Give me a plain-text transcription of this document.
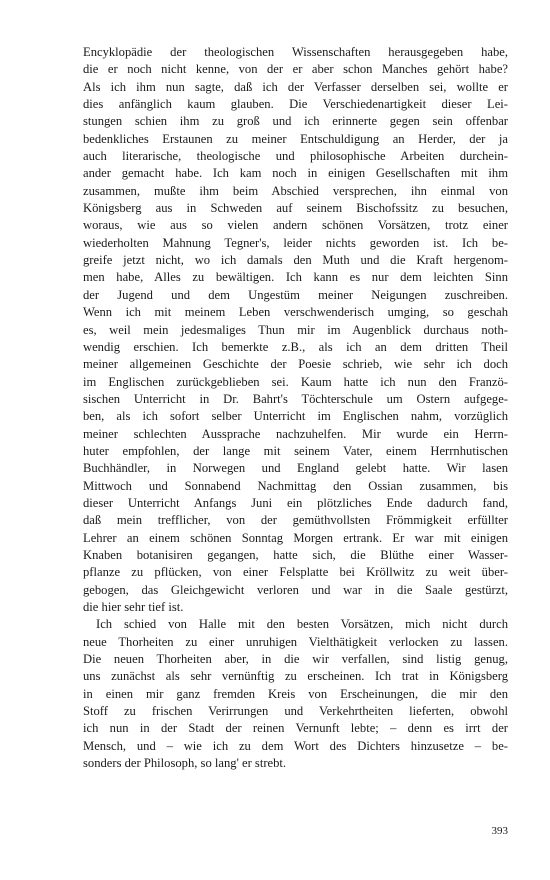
Encyklopädie der theologischen Wissenschaften herausgegeben habe,
die er noch nicht kenne, von der er aber schon Manches gehört habe?
Als ich ihm nun sagte, daß ich der Verfasser derselben sei, wollte er
dies anfänglich kaum glauben. Die Verschiedenartigkeit dieser Lei-
stungen schien ihm zu groß und ich erinnerte gegen sein offenbar
bedenkliches Erstaunen zu meiner Entschuldigung an Herder, der ja
auch literarische, theologische und philosophische Arbeiten durchein-
ander gemacht habe. Ich kam noch in einigen Gesellschaften mit ihm
zusammen, mußte ihm beim Abschied versprechen, ihn einmal von
Königsberg aus in Schweden auf seinem Bischofssitz zu besuchen,
woraus, wie aus so vielen andern schönen Vorsätzen, trotz einer
wiederholten Mahnung Tegner's, leider nichts geworden ist. Ich be-
greife jetzt nicht, wo ich damals den Muth und die Kraft hergenom-
men habe, Alles zu bewältigen. Ich kann es nur dem leichten Sinn
der Jugend und dem Ungestüm meiner Neigungen zuschreiben.
Wenn ich mit meinem Leben verschwenderisch umging, so geschah
es, weil mein jedesmaliges Thun mir im Augenblick durchaus noth-
wendig erschien. Ich bemerkte z.B., als ich an dem dritten Theil
meiner allgemeinen Geschichte der Poesie schrieb, wie sehr ich doch
im Englischen zurückgeblieben sei. Kaum hatte ich nun den Franzö-
sischen Unterricht in Dr. Bahrt's Töchterschule um Ostern aufgege-
ben, als ich sofort selber Unterricht im Englischen nahm, vorzüglich
meiner schlechten Aussprache nachzuhelfen. Mir wurde ein Herrn-
huter empfohlen, der lange mit seinem Vater, einem Herrnhutischen
Buchhändler, in Norwegen und England gelebt hatte. Wir lasen
Mittwoch und Sonnabend Nachmittag den Ossian zusammen, bis
dieser Unterricht Anfangs Juni ein plötzliches Ende dadurch fand,
daß mein trefflicher, von der gemüthvollsten Frömmigkeit erfüllter
Lehrer an einem schönen Sonntag Morgen ertrank. Er war mit einigen
Knaben botanisiren gegangen, hatte sich, die Blüthe einer Wasser-
pflanze zu pflücken, von einer Felsplatte bei Kröllwitz zu weit über-
gebogen, das Gleichgewicht verloren und war in die Saale gestürzt,
die hier sehr tief ist.
Ich schied von Halle mit den besten Vorsätzen, mich nicht durch
neue Thorheiten zu einer unruhigen Vielthätigkeit verlocken zu lassen.
Die neuen Thorheiten aber, in die wir verfallen, sind listig genug,
uns zunächst als sehr vernünftig zu erscheinen. Ich trat in Königsberg
in einen mir ganz fremden Kreis von Erscheinungen, die mir den
Stoff zu frischen Verirrungen und Verkehrtheiten lieferten, obwohl
ich nun in der Stadt der reinen Vernunft lebte; – denn es irrt der
Mensch, und – wie ich zu dem Wort des Dichters hinzusetze – be-
sonders der Philosoph, so lang' er strebt.
393
